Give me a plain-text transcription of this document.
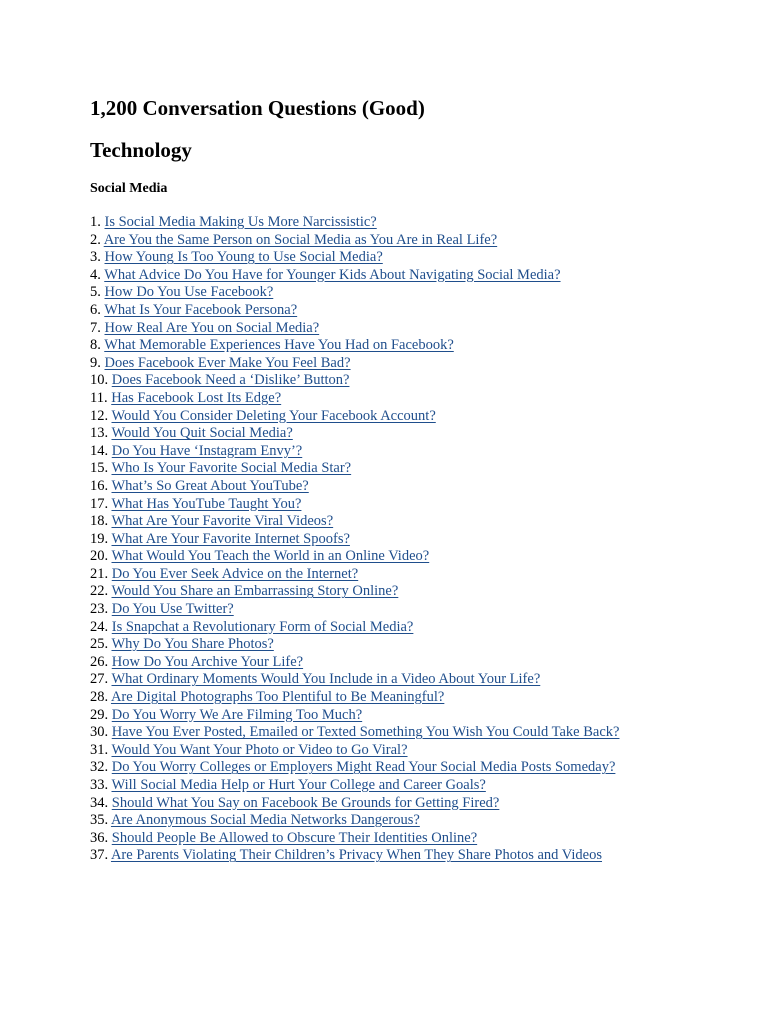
1,200 Conversation Questions (Good)
Technology
Social Media
1. Is Social Media Making Us More Narcissistic?
2. Are You the Same Person on Social Media as You Are in Real Life?
3. How Young Is Too Young to Use Social Media?
4. What Advice Do You Have for Younger Kids About Navigating Social Media?
5. How Do You Use Facebook?
6. What Is Your Facebook Persona?
7. How Real Are You on Social Media?
8. What Memorable Experiences Have You Had on Facebook?
9. Does Facebook Ever Make You Feel Bad?
10. Does Facebook Need a ‘Dislike’ Button?
11. Has Facebook Lost Its Edge?
12. Would You Consider Deleting Your Facebook Account?
13. Would You Quit Social Media?
14. Do You Have ‘Instagram Envy’?
15. Who Is Your Favorite Social Media Star?
16. What’s So Great About YouTube?
17. What Has YouTube Taught You?
18. What Are Your Favorite Viral Videos?
19. What Are Your Favorite Internet Spoofs?
20. What Would You Teach the World in an Online Video?
21. Do You Ever Seek Advice on the Internet?
22. Would You Share an Embarrassing Story Online?
23. Do You Use Twitter?
24. Is Snapchat a Revolutionary Form of Social Media?
25. Why Do You Share Photos?
26. How Do You Archive Your Life?
27. What Ordinary Moments Would You Include in a Video About Your Life?
28. Are Digital Photographs Too Plentiful to Be Meaningful?
29. Do You Worry We Are Filming Too Much?
30. Have You Ever Posted, Emailed or Texted Something You Wish You Could Take Back?
31. Would You Want Your Photo or Video to Go Viral?
32. Do You Worry Colleges or Employers Might Read Your Social Media Posts Someday?
33. Will Social Media Help or Hurt Your College and Career Goals?
34. Should What You Say on Facebook Be Grounds for Getting Fired?
35. Are Anonymous Social Media Networks Dangerous?
36. Should People Be Allowed to Obscure Their Identities Online?
37. Are Parents Violating Their Children’s Privacy When They Share Photos and Videos
